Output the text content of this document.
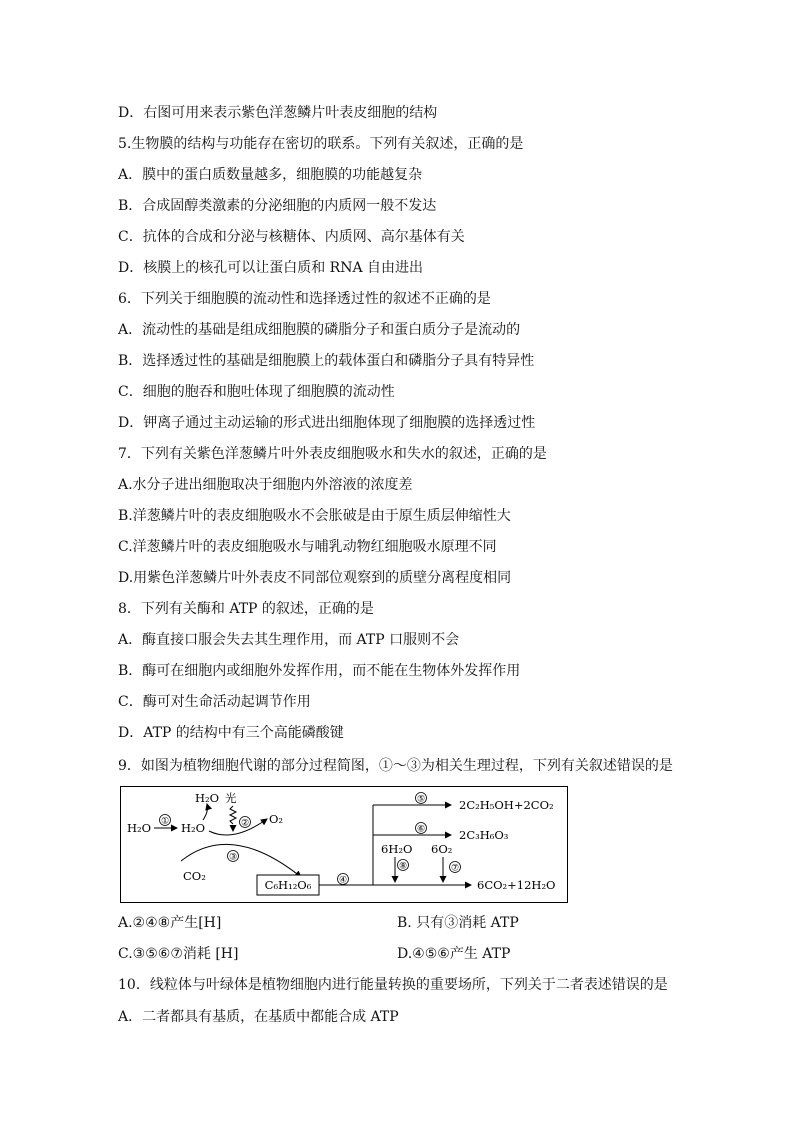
D．右图可用来表示紫色洋葱鳞片叶表皮细胞的结构
5.生物膜的结构与功能存在密切的联系。下列有关叙述，正确的是
A．膜中的蛋白质数量越多，细胞膜的功能越复杂
B．合成固醇类激素的分泌细胞的内质网一般不发达
C．抗体的合成和分泌与核糖体、内质网、高尔基体有关
D．核膜上的核孔可以让蛋白质和 RNA 自由进出
6．下列关于细胞膜的流动性和选择透过性的叙述不正确的是
A．流动性的基础是组成细胞膜的磷脂分子和蛋白质分子是流动的
B．选择透过性的基础是细胞膜上的载体蛋白和磷脂分子具有特异性
C．细胞的胞吞和胞吐体现了细胞膜的流动性
D．钾离子通过主动运输的形式进出细胞体现了细胞膜的选择透过性
7．下列有关紫色洋葱鳞片叶外表皮细胞吸水和失水的叙述，正确的是
A.水分子进出细胞取决于细胞内外溶液的浓度差
B.洋葱鳞片叶的表皮细胞吸水不会胀破是由于原生质层伸缩性大
C.洋葱鳞片叶的表皮细胞吸水与哺乳动物红细胞吸水原理不同
D.用紫色洋葱鳞片叶外表皮不同部位观察到的质壁分离程度相同
8．下列有关酶和 ATP 的叙述，正确的是
A．酶直接口服会失去其生理作用，而 ATP 口服则不会
B．酶可在细胞内或细胞外发挥作用，而不能在生物体外发挥作用
C．酶可对生命活动起调节作用
D．ATP 的结构中有三个高能磷酸键
9．如图为植物细胞代谢的部分过程简图，①～③为相关生理过程，下列有关叙述错误的是
H₂O ① H₂O
H₂O 光
② O₂
③
CO₂
C₆H₁₂O₆	④
⑤
⑥
2C₂H₅OH+2CO₂
2C₃H₆O₃
6H₂O
⑧
6O₂
⑦
6CO₂+12H₂O
A.②④⑧产生[H]	B. 只有③消耗 ATP
C.③⑤⑥⑦消耗 [H]	D.④⑤⑥产生 ATP
10．线粒体与叶绿体是植物细胞内进行能量转换的重要场所，下列关于二者表述错误的是
A．二者都具有基质，在基质中都能合成 ATP
